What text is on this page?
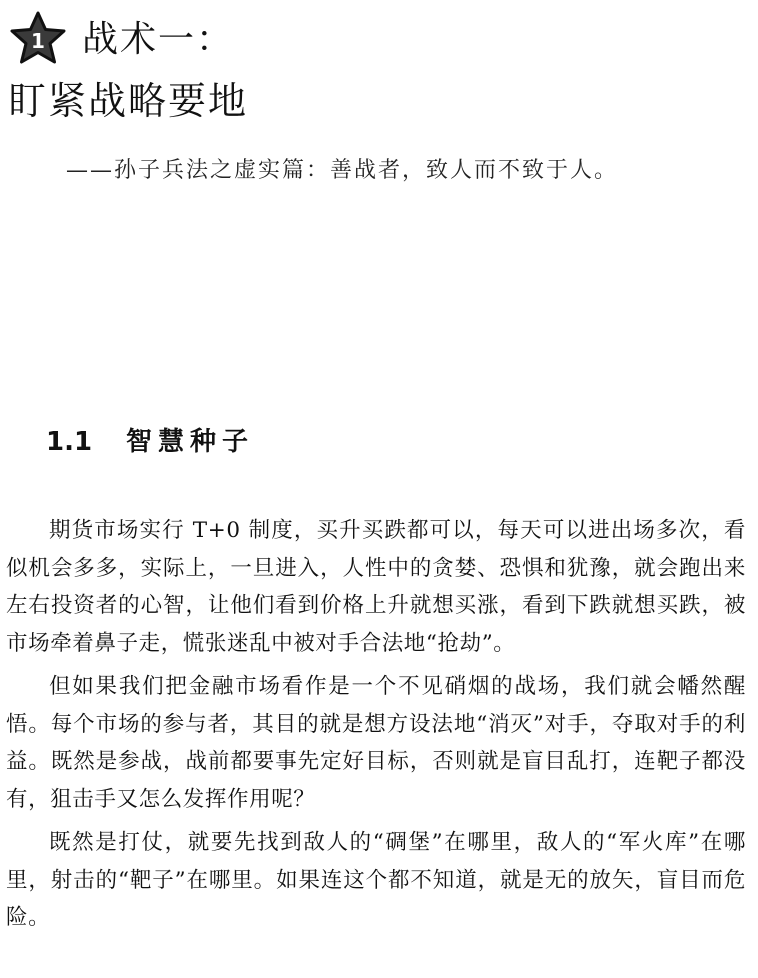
1 战术一：
盯紧战略要地
——孙子兵法之虚实篇：善战者，致人而不致于人。
1.1 智慧种子

期货市场实行 T+0 制度，买升买跌都可以，每天可以进出场多次，看似机会多多，实际上，一旦进入，人性中的贪婪、恐惧和犹豫，就会跑出来左右投资者的心智，让他们看到价格上升就想买涨，看到下跌就想买跌，被市场牵着鼻子走，慌张迷乱中被对手合法地“抢劫”。

但如果我们把金融市场看作是一个不见硝烟的战场，我们就会幡然醒悟。每个市场的参与者，其目的就是想方设法地“消灭”对手，夺取对手的利益。既然是参战，战前都要事先定好目标，否则就是盲目乱打，连靶子都没有，狙击手又怎么发挥作用呢？

既然是打仗，就要先找到敌人的“碉堡”在哪里，敌人的“军火库”在哪里，射击的“靶子”在哪里。如果连这个都不知道，就是无的放矢，盲目而危险。
